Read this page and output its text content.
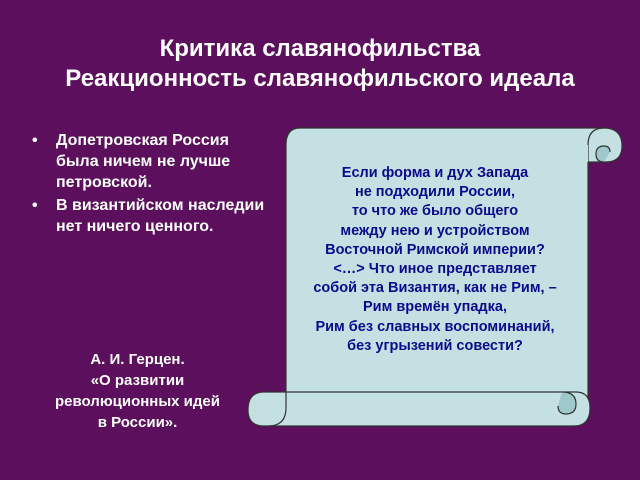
Критика славянофильства
Реакционность славянофильского идеала
• Допетровская Россия была ничем не лучше петровской.
• В византийском наследии нет ничего ценного.
А. И. Герцен.
«О развитии
революционных идей
в России».
Если форма и дух Запада
не подходили России,
то что же было общего
между нею и устройством
Восточной Римской империи?
<…> Что иное представляет
собой эта Византия, как не Рим, –
Рим времён упадка,
Рим без славных воспоминаний,
без угрызений совести?
